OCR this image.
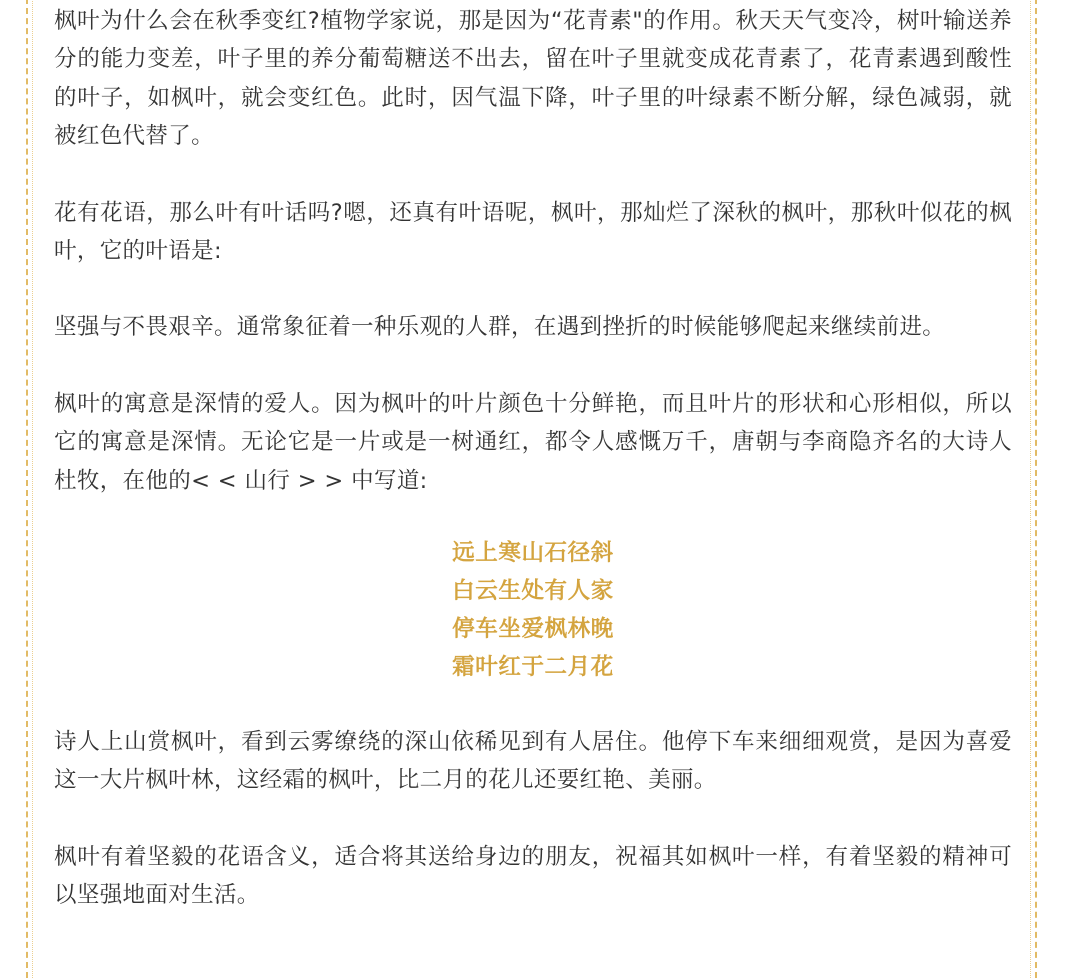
枫叶为什么会在秋季变红?植物学家说，那是因为“花青素"的作用。秋天天气变冷，树叶输送养分的能力变差，叶子里的养分葡萄糖送不出去，留在叶子里就变成花青素了，花青素遇到酸性的叶子，如枫叶，就会变红色。此时，因气温下降，叶子里的叶绿素不断分解，绿色减弱，就被红色代替了。

花有花语，那么叶有叶话吗?嗯，还真有叶语呢，枫叶，那灿烂了深秋的枫叶，那秋叶似花的枫叶，它的叶语是:

坚强与不畏艰辛。通常象征着一种乐观的人群，在遇到挫折的时候能够爬起来继续前进。

枫叶的寓意是深情的爱人。因为枫叶的叶片颜色十分鲜艳，而且叶片的形状和心形相似，所以它的寓意是深情。无论它是一片或是一树通红，都令人感慨万千，唐朝与李商隐齐名的大诗人杜牧，在他的< < 山行 > > 中写道:

远上寒山石径斜
白云生处有人家
停车坐爱枫林晚
霜叶红于二月花

诗人上山赏枫叶，看到云雾缭绕的深山依稀见到有人居住。他停下车来细细观赏，是因为喜爱这一大片枫叶林，这经霜的枫叶，比二月的花儿还要红艳、美丽。

枫叶有着坚毅的花语含义，适合将其送给身边的朋友，祝福其如枫叶一样，有着坚毅的精神可以坚强地面对生活。
